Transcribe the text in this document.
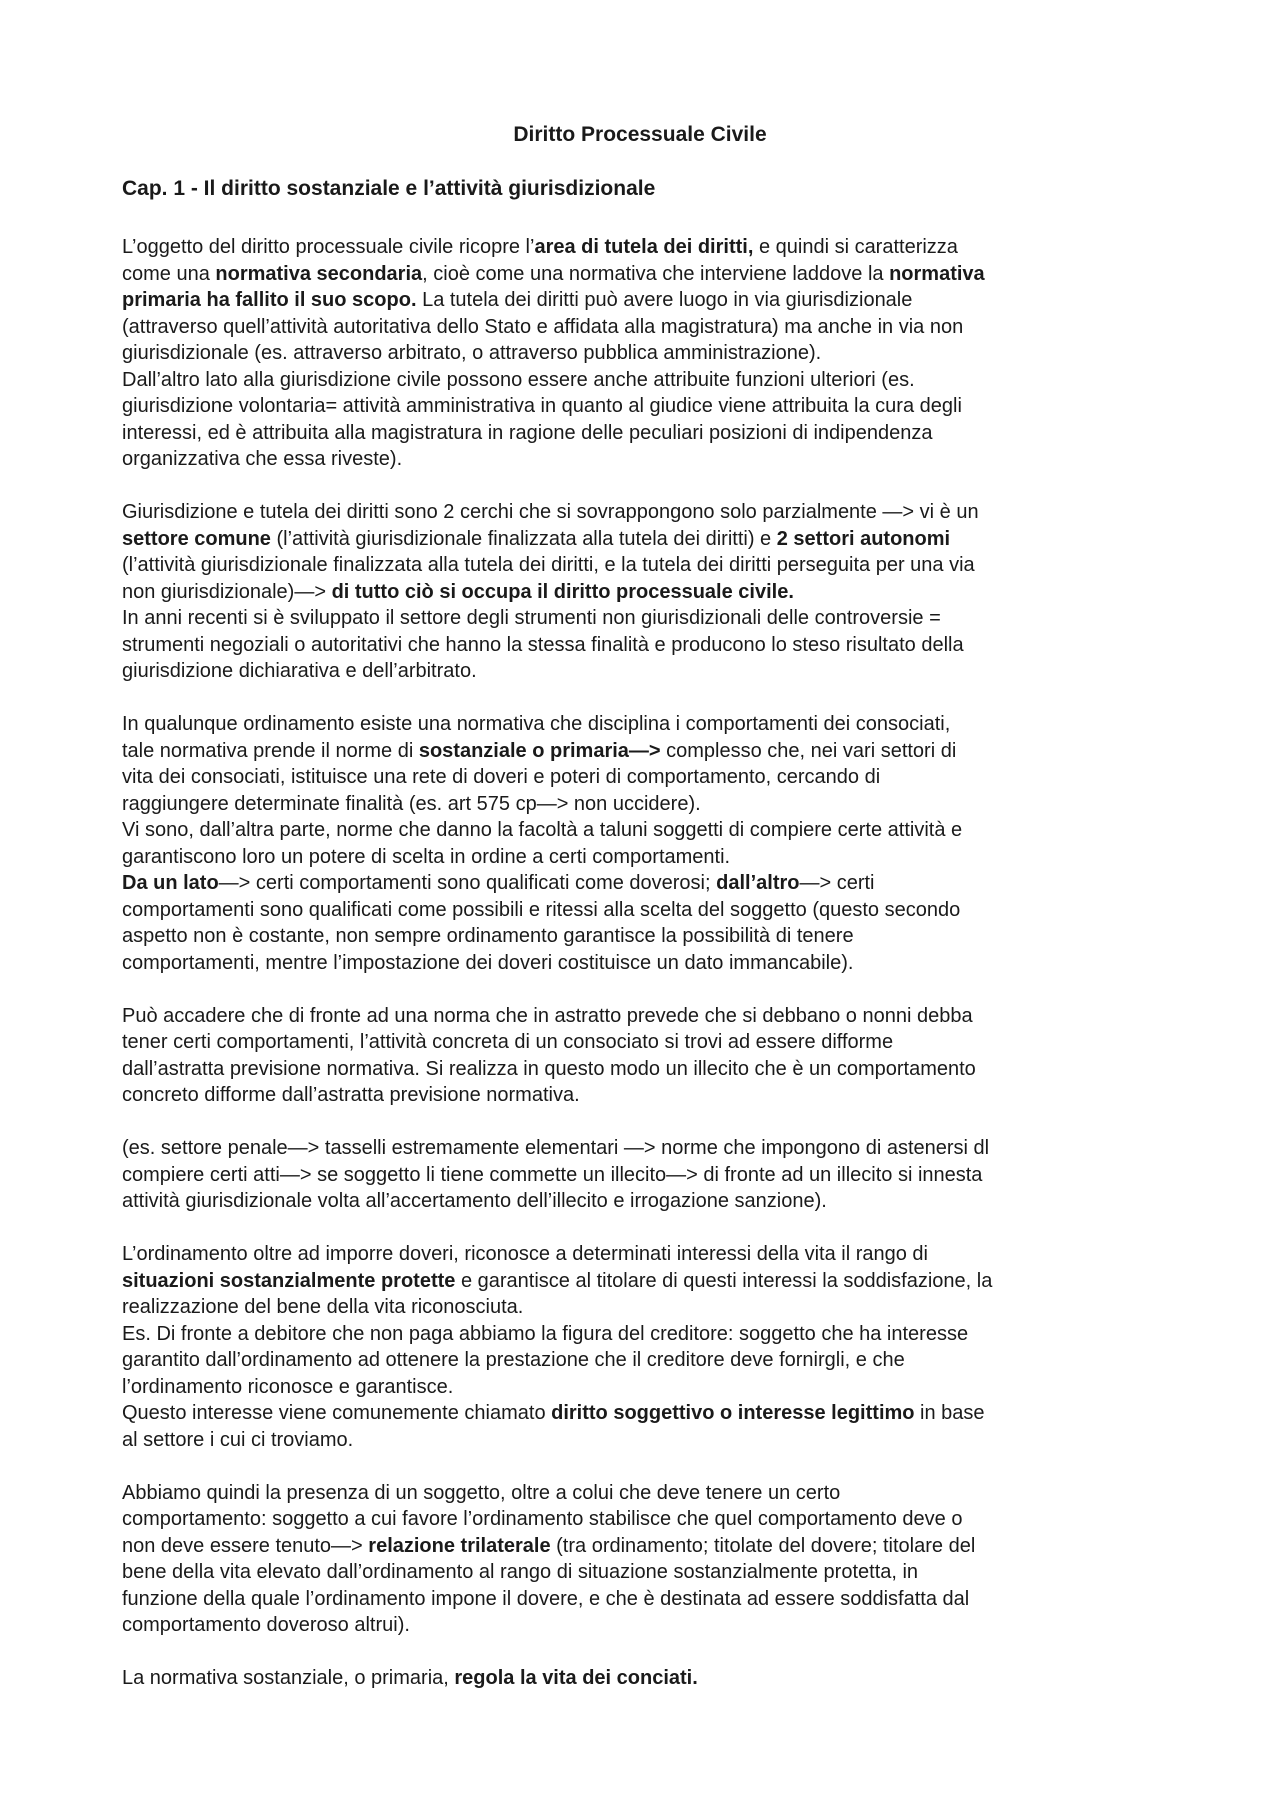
Diritto Processuale Civile
Cap. 1 - Il diritto sostanziale e l’attività giurisdizionale

L’oggetto del diritto processuale civile ricopre l’area di tutela dei diritti, e quindi si caratterizza
come una normativa secondaria, cioè come una normativa che interviene laddove la normativa
primaria ha fallito il suo scopo. La tutela dei diritti può avere luogo in via giurisdizionale
(attraverso quell’attività autoritativa dello Stato e affidata alla magistratura) ma anche in via non
giurisdizionale (es. attraverso arbitrato, o attraverso pubblica amministrazione).
Dall’altro lato alla giurisdizione civile possono essere anche attribuite funzioni ulteriori (es.
giurisdizione volontaria= attività amministrativa in quanto al giudice viene attribuita la cura degli
interessi, ed è attribuita alla magistratura in ragione delle peculiari posizioni di indipendenza
organizzativa che essa riveste).

Giurisdizione e tutela dei diritti sono 2 cerchi che si sovrappongono solo parzialmente —> vi è un
settore comune (l’attività giurisdizionale finalizzata alla tutela dei diritti) e 2 settori autonomi
(l’attività giurisdizionale finalizzata alla tutela dei diritti, e la tutela dei diritti perseguita per una via
non giurisdizionale)—> di tutto ciò si occupa il diritto processuale civile.
In anni recenti si è sviluppato il settore degli strumenti non giurisdizionali delle controversie =
strumenti negoziali o autoritativi che hanno la stessa finalità e producono lo steso risultato della
giurisdizione dichiarativa e dell’arbitrato.

In qualunque ordinamento esiste una normativa che disciplina i comportamenti dei consociati,
tale normativa prende il norme di sostanziale o primaria—> complesso che, nei vari settori di
vita dei consociati, istituisce una rete di doveri e poteri di comportamento, cercando di
raggiungere determinate finalità (es. art 575 cp—> non uccidere).
Vi sono, dall’altra parte, norme che danno la facoltà a taluni soggetti di compiere certe attività e
garantiscono loro un potere di scelta in ordine a certi comportamenti.
Da un lato—> certi comportamenti sono qualificati come doverosi; dall’altro—> certi
comportamenti sono qualificati come possibili e ritessi alla scelta del soggetto (questo secondo
aspetto non è costante, non sempre ordinamento garantisce la possibilità di tenere
comportamenti, mentre l’impostazione dei doveri costituisce un dato immancabile).

Può accadere che di fronte ad una norma che in astratto prevede che si debbano o nonni debba
tener certi comportamenti, l’attività concreta di un consociato si trovi ad essere difforme
dall’astratta previsione normativa. Si realizza in questo modo un illecito che è un comportamento
concreto difforme dall’astratta previsione normativa.

(es. settore penale—> tasselli estremamente elementari —> norme che impongono di astenersi dl
compiere certi atti—> se soggetto li tiene commette un illecito—> di fronte ad un illecito si innesta
attività giurisdizionale volta all’accertamento dell’illecito e irrogazione sanzione).

L’ordinamento oltre ad imporre doveri, riconosce a determinati interessi della vita il rango di
situazioni sostanzialmente protette e garantisce al titolare di questi interessi la soddisfazione, la
realizzazione del bene della vita riconosciuta.
Es. Di fronte a debitore che non paga abbiamo la figura del creditore: soggetto che ha interesse
garantito dall’ordinamento ad ottenere la prestazione che il creditore deve fornirgli, e che
l’ordinamento riconosce e garantisce.
Questo interesse viene comunemente chiamato diritto soggettivo o interesse legittimo in base
al settore i cui ci troviamo.

Abbiamo quindi la presenza di un soggetto, oltre a colui che deve tenere un certo
comportamento: soggetto a cui favore l’ordinamento stabilisce che quel comportamento deve o
non deve essere tenuto—> relazione trilaterale (tra ordinamento; titolate del dovere; titolare del
bene della vita elevato dall’ordinamento al rango di situazione sostanzialmente protetta, in
funzione della quale l’ordinamento impone il dovere, e che è destinata ad essere soddisfatta dal
comportamento doveroso altrui).

La normativa sostanziale, o primaria, regola la vita dei conciati.
